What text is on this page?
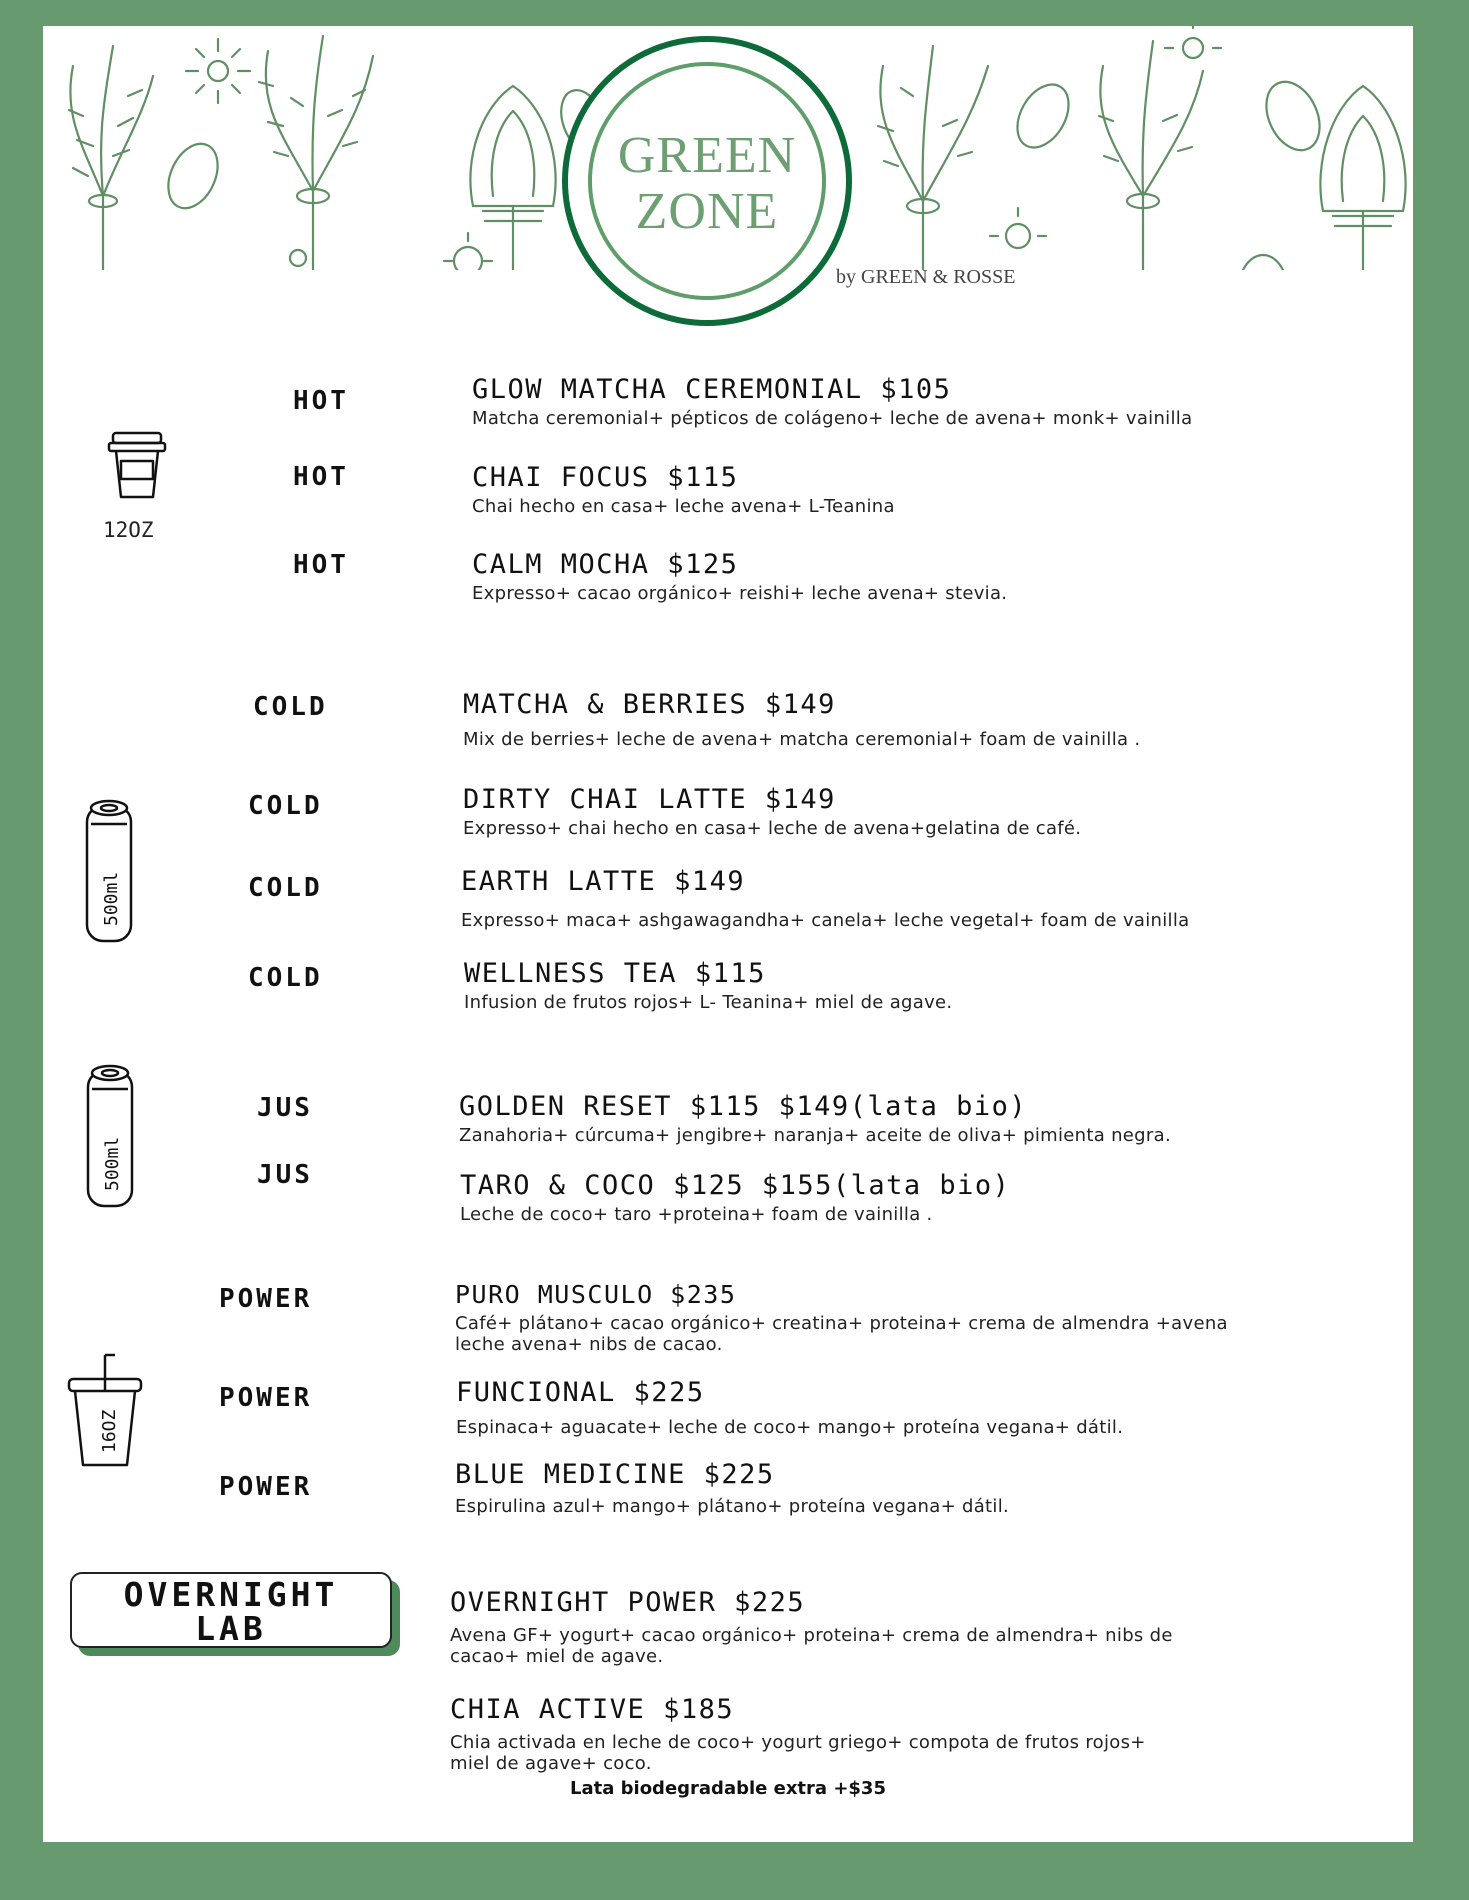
GREEN
ZONE
by GREEN & ROSSE
12OZ
HOT	GLOW MATCHA CEREMONIAL $105
Matcha ceremonial+ pépticos de colágeno+ leche de avena+ monk+ vainilla
HOT	CHAI FOCUS $115
Chai hecho en casa+ leche avena+ L-Teanina
HOT	CALM MOCHA $125
Expresso+ cacao orgánico+ reishi+ leche avena+ stevia.
500ml
COLD	MATCHA & BERRIES $149
Mix de berries+ leche de avena+ matcha ceremonial+ foam de vainilla .
COLD	DIRTY CHAI LATTE $149
Expresso+ chai hecho en casa+ leche de avena+gelatina de café.
COLD	EARTH LATTE $149
Expresso+ maca+ ashgawagandha+ canela+ leche vegetal+ foam de vainilla
COLD	WELLNESS TEA $115
Infusion de frutos rojos+ L- Teanina+ miel de agave.
500ml
JUS	GOLDEN RESET $115 $149(lata bio)
Zanahoria+ cúrcuma+ jengibre+ naranja+ aceite de oliva+ pimienta negra.
JUS	TARO & COCO $125 $155(lata bio)
Leche de coco+ taro +proteina+ foam de vainilla .
16OZ
POWER	PURO MUSCULO $235
Café+ plátano+ cacao orgánico+ creatina+ proteina+ crema de almendra +avena
leche avena+ nibs de cacao.
POWER	FUNCIONAL $225
Espinaca+ aguacate+ leche de coco+ mango+ proteína vegana+ dátil.
POWER	BLUE MEDICINE $225
Espirulina azul+ mango+ plátano+ proteína vegana+ dátil.
OVERNIGHT
LAB
OVERNIGHT POWER $225
Avena GF+ yogurt+ cacao orgánico+ proteina+ crema de almendra+ nibs de
cacao+ miel de agave.
CHIA ACTIVE $185
Chia activada en leche de coco+ yogurt griego+ compota de frutos rojos+
miel de agave+ coco.
Lata biodegradable extra +$35
